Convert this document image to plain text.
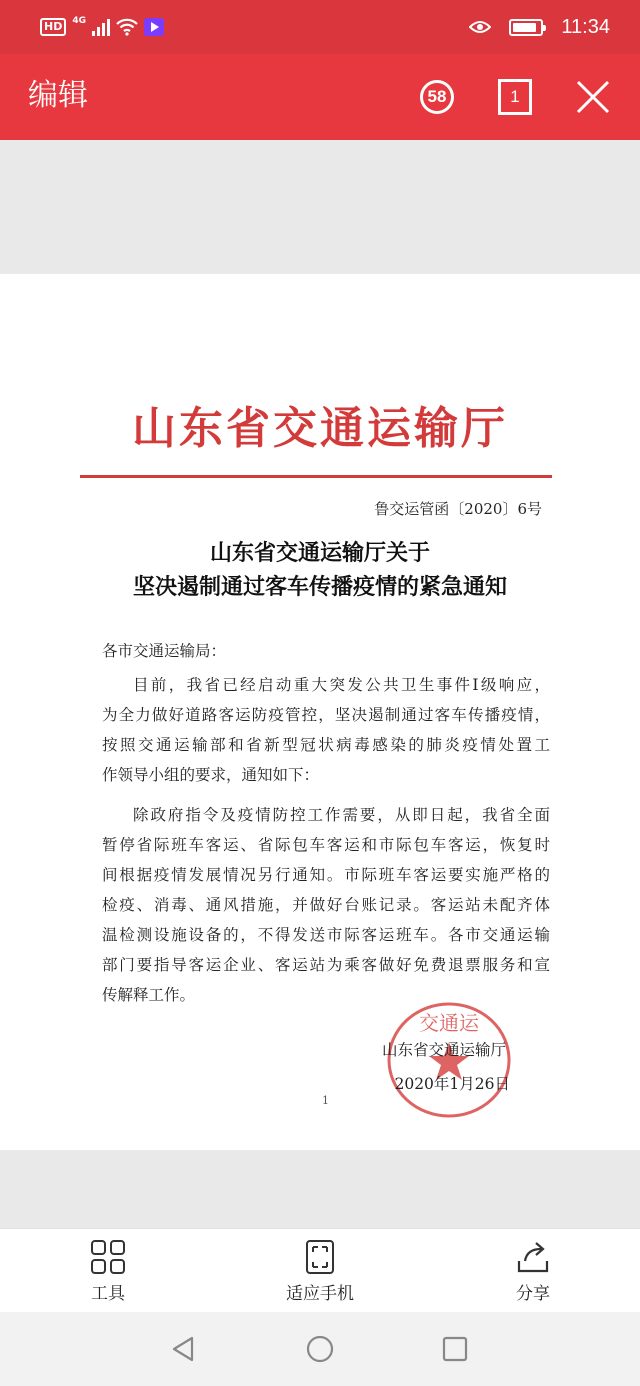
HD	4G	11:34
编辑	58	1
山东省交通运输厅
鲁交运管函〔2020〕6号
山东省交通运输厅关于
坚决遏制通过客车传播疫情的紧急通知
各市交通运输局：
目前，我省已经启动重大突发公共卫生事件Ⅰ级响应，
为全力做好道路客运防疫管控，坚决遏制通过客车传播疫情，
按照交通运输部和省新型冠状病毒感染的肺炎疫情处置工
作领导小组的要求，通知如下：
除政府指令及疫情防控工作需要，从即日起，我省全面
暂停省际班车客运、省际包车客运和市际包车客运，恢复时
间根据疫情发展情况另行通知。市际班车客运要实施严格的
检疫、消毒、通风措施，并做好台账记录。客运站未配齐体
温检测设施设备的，不得发送市际客运班车。各市交通运输
部门要指导客运企业、客运站为乘客做好免费退票服务和宣
传解释工作。
交通运
山东省交通运输厅
2020年1月26日
1
工具	适应手机	分享
